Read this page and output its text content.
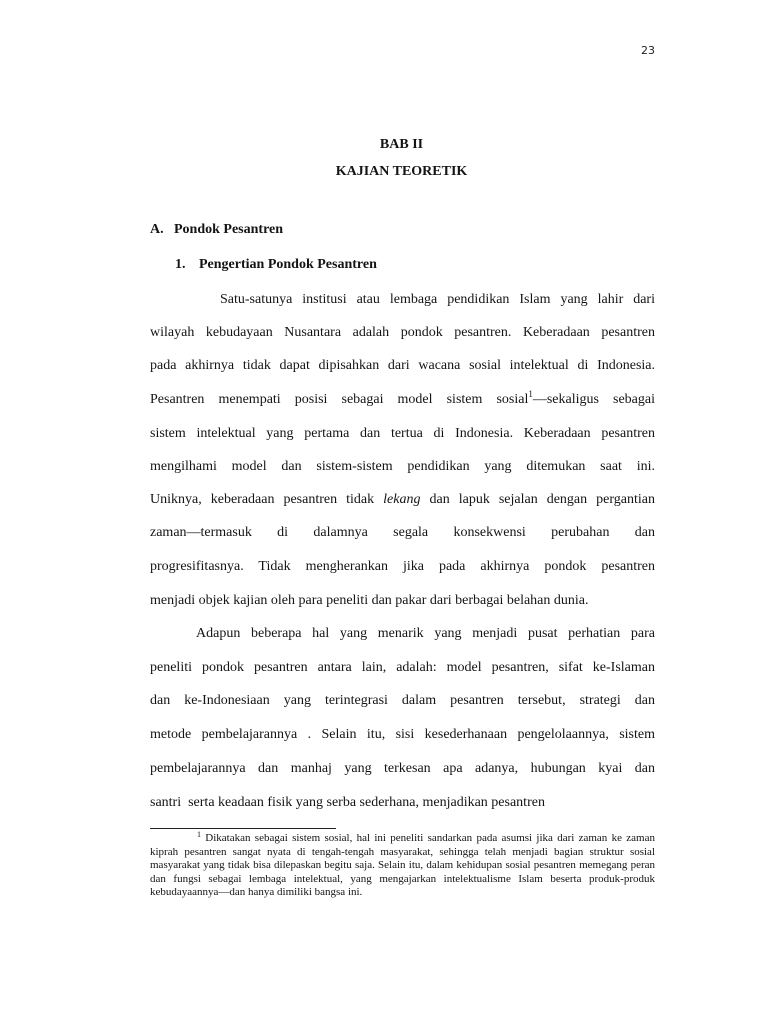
23
BAB II
KAJIAN TEORETIK
A. Pondok Pesantren
1. Pengertian Pondok Pesantren
Satu-satunya institusi atau lembaga pendidikan Islam yang lahir dari
wilayah kebudayaan Nusantara adalah pondok pesantren. Keberadaan pesantren
pada akhirnya tidak dapat dipisahkan dari wacana sosial intelektual di Indonesia.
Pesantren menempati posisi sebagai model sistem sosial$^1$—sekaligus sebagai
sistem intelektual yang pertama dan tertua di Indonesia. Keberadaan pesantren
mengilhami model dan sistem-sistem pendidikan yang ditemukan saat ini.
Uniknya, keberadaan pesantren tidak lekang dan lapuk sejalan dengan pergantian
zaman—termasuk di dalamnya segala konsekwensi perubahan dan
progresifitasnya. Tidak mengherankan jika pada akhirnya pondok pesantren
menjadi objek kajian oleh para peneliti dan pakar dari berbagai belahan dunia.
Adapun beberapa hal yang menarik yang menjadi pusat perhatian para
peneliti pondok pesantren antara lain, adalah: model pesantren, sifat ke-Islaman
dan ke-Indonesiaan yang terintegrasi dalam pesantren tersebut, strategi dan
metode pembelajarannya . Selain itu, sisi kesederhanaan pengelolaannya, sistem
pembelajarannya dan manhaj yang terkesan apa adanya, hubungan kyai dan
santri  serta keadaan fisik yang serba sederhana, menjadikan pesantren
$^1$ Dikatakan sebagai sistem sosial, hal ini peneliti sandarkan pada asumsi jika dari zaman ke zaman kiprah pesantren sangat nyata di tengah-tengah masyarakat, sehingga telah menjadi bagian struktur sosial masyarakat yang tidak bisa dilepaskan begitu saja. Selain itu, dalam kehidupan sosial pesantren memegang peran dan fungsi sebagai lembaga intelektual, yang mengajarkan intelektualisme Islam beserta produk-produk kebudayaannya—dan hanya dimiliki bangsa ini.
